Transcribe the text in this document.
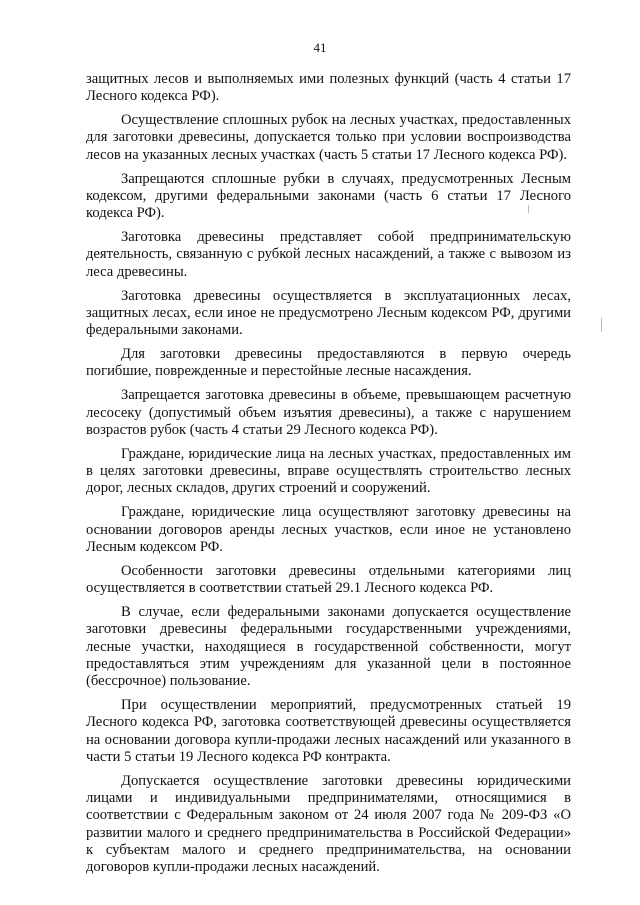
41

защитных лесов и выполняемых ими полезных функций (часть 4 статьи 17 Лесного кодекса РФ).

Осуществление сплошных рубок на лесных участках, предоставленных для заготовки древесины, допускается только при условии воспроизводства лесов на указанных лесных участках (часть 5 статьи 17 Лесного кодекса РФ).

Запрещаются сплошные рубки в случаях, предусмотренных Лесным кодексом, другими федеральными законами (часть 6 статьи 17 Лесного кодекса РФ).

Заготовка древесины представляет собой предпринимательскую деятельность, связанную с рубкой лесных насаждений, а также с вывозом из леса древесины.

Заготовка древесины осуществляется в эксплуатационных лесах, защитных лесах, если иное не предусмотрено Лесным кодексом РФ, другими федеральными законами.

Для заготовки древесины предоставляются в первую очередь погибшие, поврежденные и перестойные лесные насаждения.

Запрещается заготовка древесины в объеме, превышающем расчетную лесосеку (допустимый объем изъятия древесины), а также с нарушением возрастов рубок (часть 4 статьи 29 Лесного кодекса РФ).

Граждане, юридические лица на лесных участках, предоставленных им в целях заготовки древесины, вправе осуществлять строительство лесных дорог, лесных складов, других строений и сооружений.

Граждане, юридические лица осуществляют заготовку древесины на основании договоров аренды лесных участков, если иное не установлено Лесным кодексом РФ.

Особенности заготовки древесины отдельными категориями лиц осуществляется в соответствии статьей 29.1 Лесного кодекса РФ.

В случае, если федеральными законами допускается осуществление заготовки древесины федеральными государственными учреждениями, лесные участки, находящиеся в государственной собственности, могут предоставляться этим учреждениям для указанной цели в постоянное (бессрочное) пользование.

При осуществлении мероприятий, предусмотренных статьей 19 Лесного кодекса РФ, заготовка соответствующей древесины осуществляется на основании договора купли-продажи лесных насаждений или указанного в части 5 статьи 19 Лесного кодекса РФ контракта.

Допускается осуществление заготовки древесины юридическими лицами и индивидуальными предпринимателями, относящимися в соответствии с Федеральным законом от 24 июля 2007 года № 209-ФЗ «О развитии малого и среднего предпринимательства в Российской Федерации» к субъектам малого и среднего предпринимательства, на основании договоров купли-продажи лесных насаждений.
